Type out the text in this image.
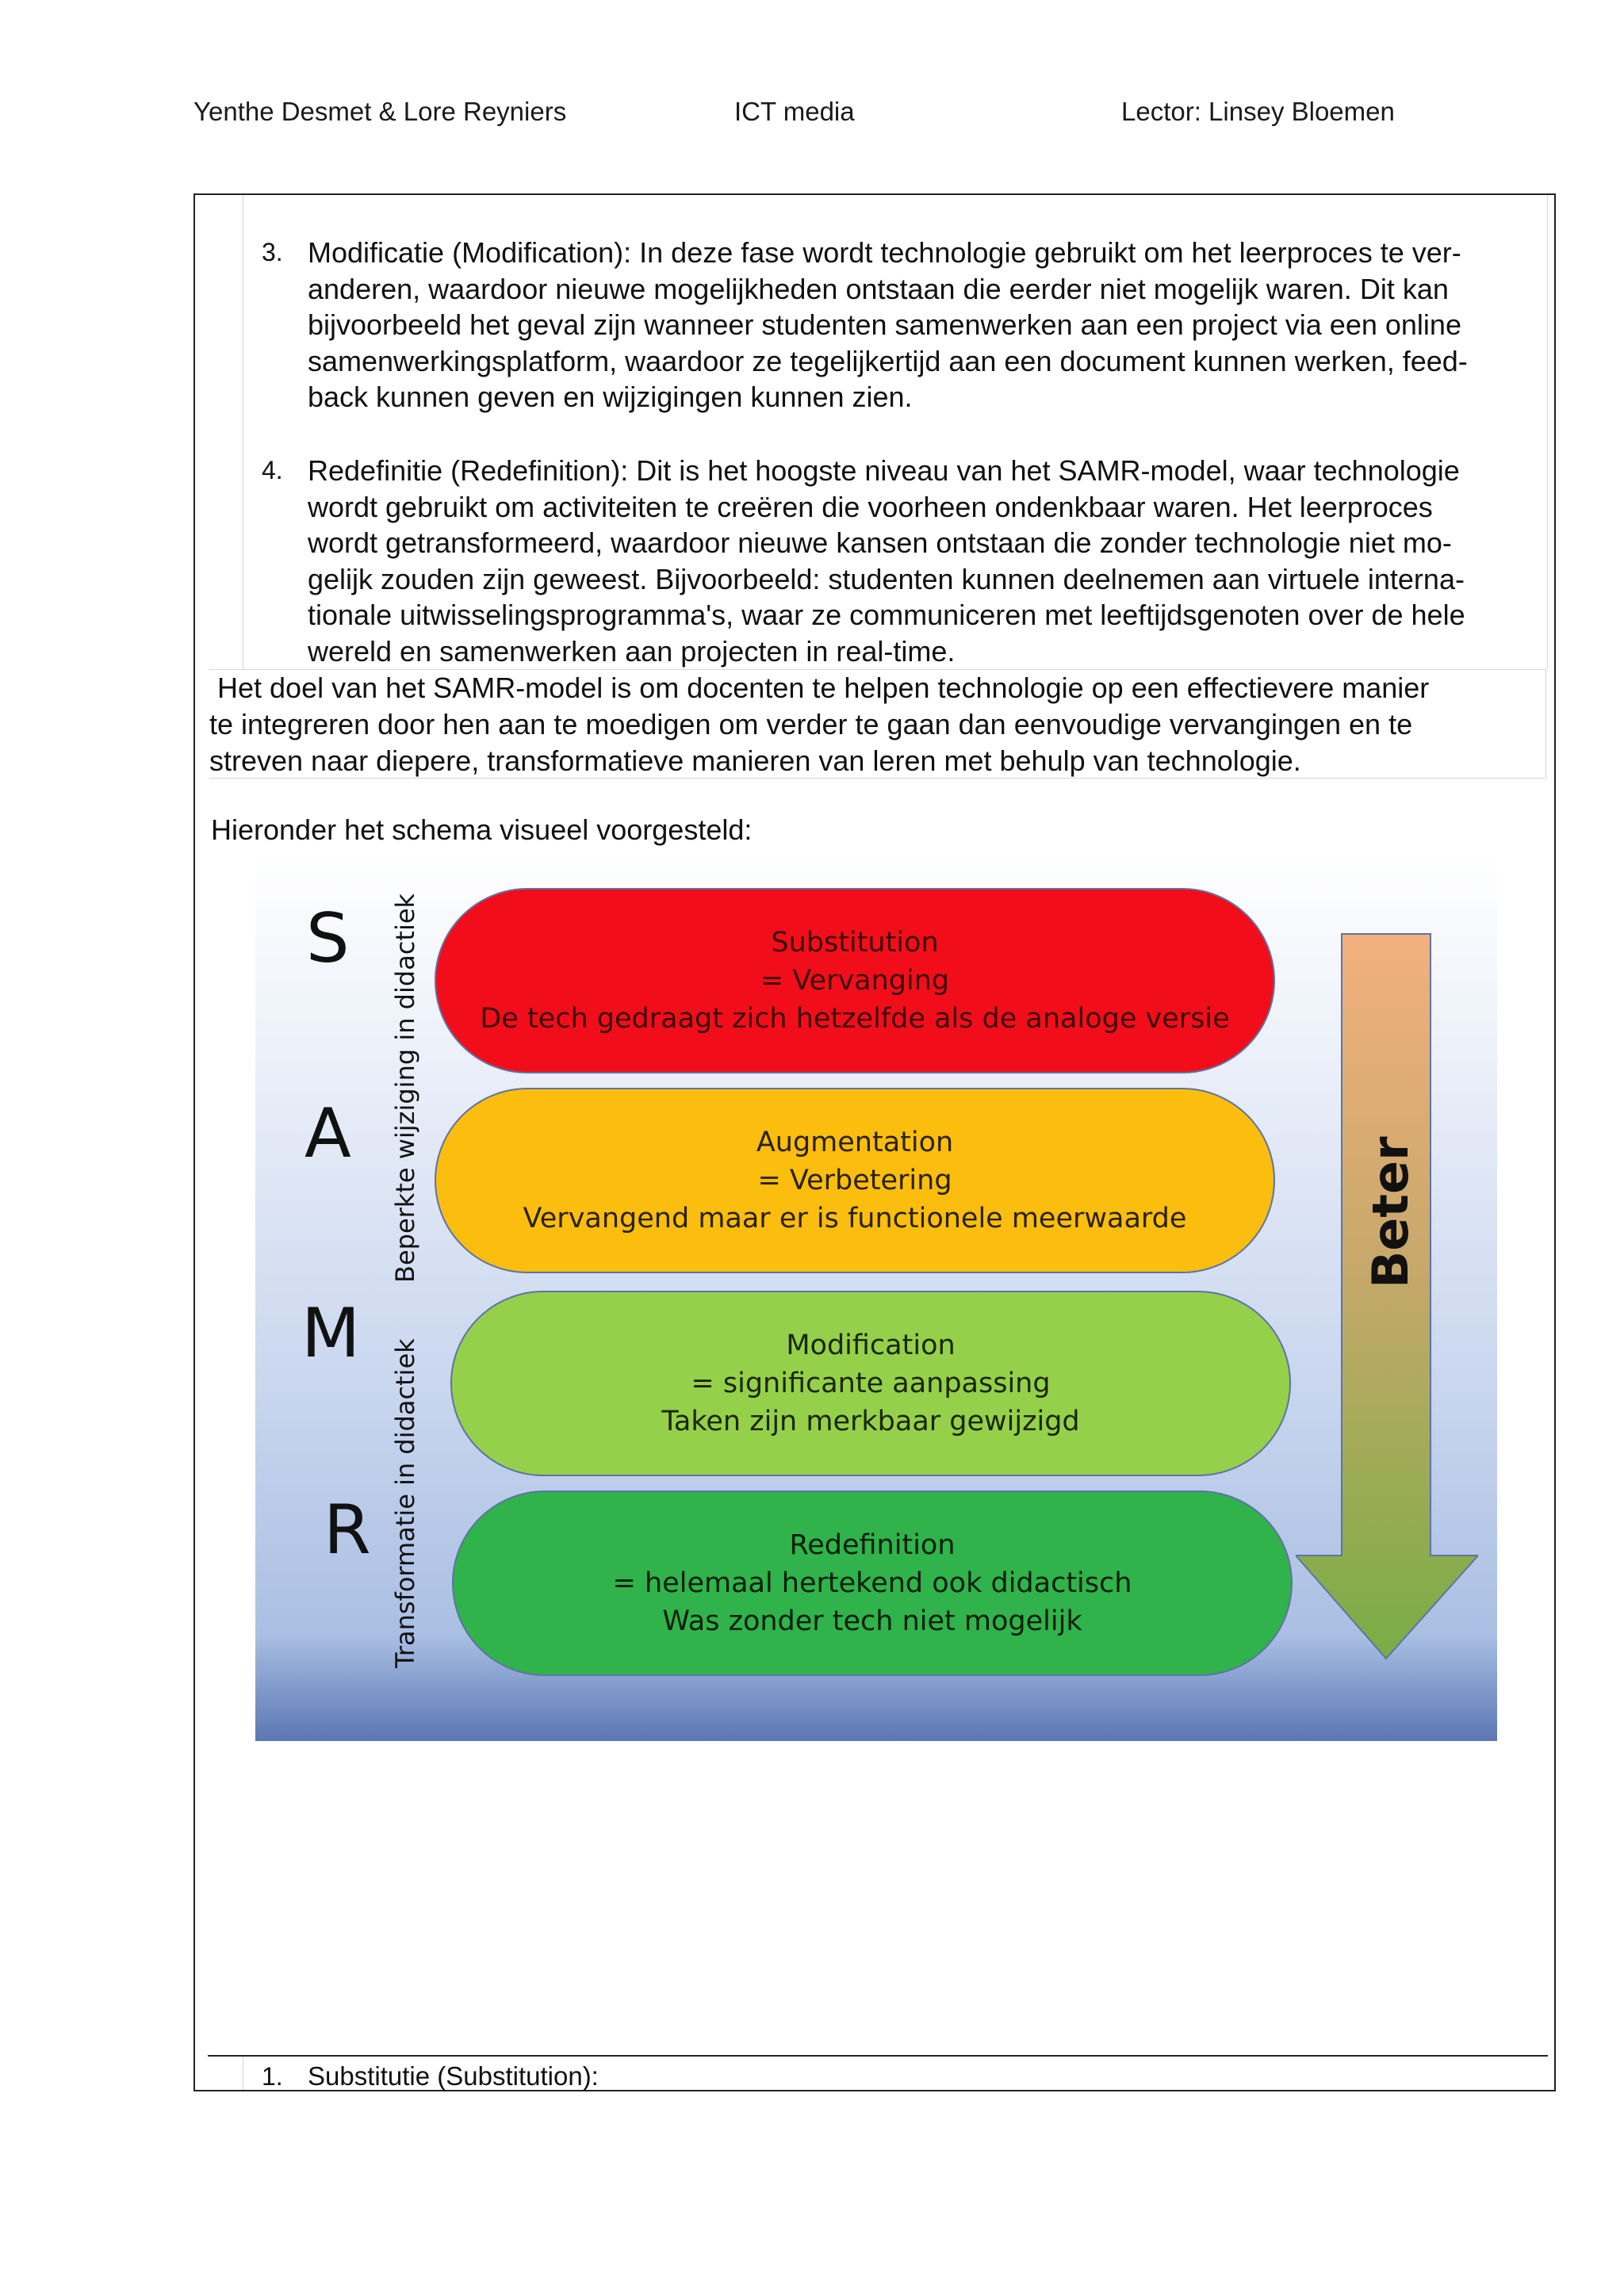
Yenthe Desmet & Lore Reyniers	ICT media	Lector: Linsey Bloemen
3. Modificatie (Modification): In deze fase wordt technologie gebruikt om het leerproces te ver-
anderen, waardoor nieuwe mogelijkheden ontstaan die eerder niet mogelijk waren. Dit kan
bijvoorbeeld het geval zijn wanneer studenten samenwerken aan een project via een online
samenwerkingsplatform, waardoor ze tegelijkertijd aan een document kunnen werken, feed-
back kunnen geven en wijzigingen kunnen zien.
4. Redefinitie (Redefinition): Dit is het hoogste niveau van het SAMR-model, waar technologie
wordt gebruikt om activiteiten te creëren die voorheen ondenkbaar waren. Het leerproces
wordt getransformeerd, waardoor nieuwe kansen ontstaan die zonder technologie niet mo-
gelijk zouden zijn geweest. Bijvoorbeeld: studenten kunnen deelnemen aan virtuele interna-
tionale uitwisselingsprogramma's, waar ze communiceren met leeftijdsgenoten over de hele
wereld en samenwerken aan projecten in real-time.
Het doel van het SAMR-model is om docenten te helpen technologie op een effectievere manier
te integreren door hen aan te moedigen om verder te gaan dan eenvoudige vervangingen en te
streven naar diepere, transformatieve manieren van leren met behulp van technologie.
Hieronder het schema visueel voorgesteld:
S
A
M
R
Beperkte wijziging in didactiek
Transformatie in didactiek
Substitution
= Vervanging
De tech gedraagt zich hetzelfde als de analoge versie
Augmentation
= Verbetering
Vervangend maar er is functionele meerwaarde
Modification
= significante aanpassing
Taken zijn merkbaar gewijzigd
Redefinition
= helemaal hertekend ook didactisch
Was zonder tech niet mogelijk
Beter
1. Substitutie (Substitution):
